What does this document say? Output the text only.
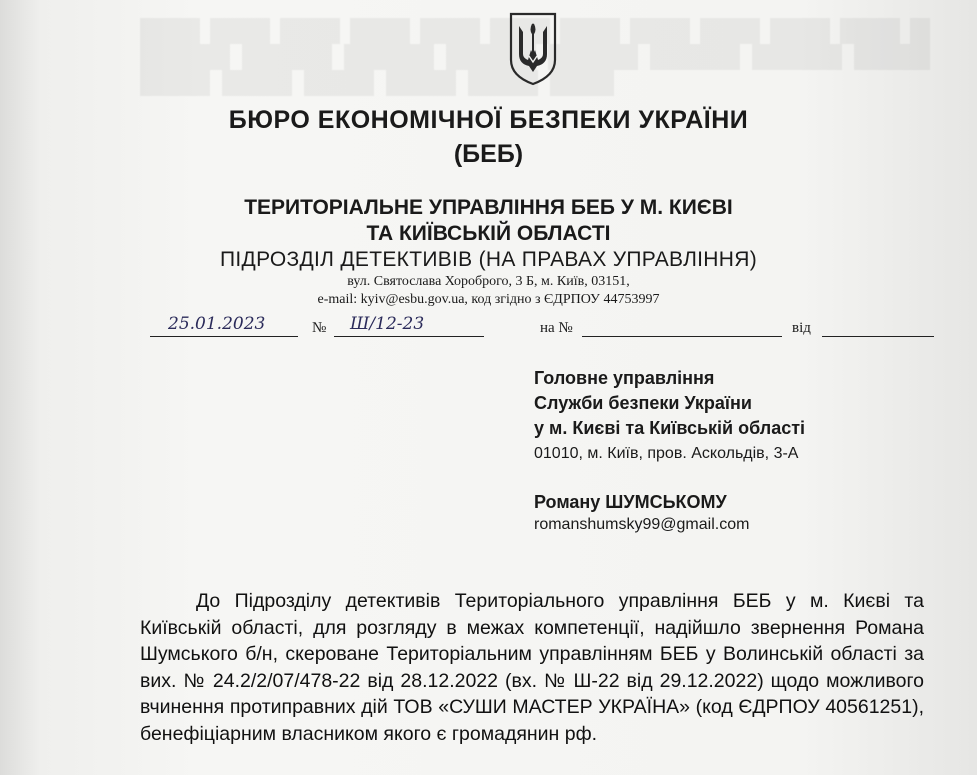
БЮРО ЕКОНОМІЧНОЇ БЕЗПЕКИ УКРАЇНИ
(БЕБ)
ТЕРИТОРІАЛЬНЕ УПРАВЛІННЯ БЕБ У М. КИЄВІ
ТА КИЇВСЬКІЙ ОБЛАСТІ
ПІДРОЗДІЛ ДЕТЕКТИВІВ (НА ПРАВАХ УПРАВЛІННЯ)
вул. Святослава Хороброго, 3 Б, м. Київ, 03151,
e-mail: kyiv@esbu.gov.ua, код згідно з ЄДРПОУ 44753997
25.01.2023	№ Ш/12-23	на №	від
Головне управління
Служби безпеки України
у м. Києві та Київській області
01010, м. Київ, пров. Аскольдів, 3-А
Роману ШУМСЬКОМУ
romanshumsky99@gmail.com
До Підрозділу детективів Територіального управління БЕБ у м. Києві та Київській області, для розгляду в межах компетенції, надійшло звернення Романа Шумського б/н, скероване Територіальним управлінням БЕБ у Волинській області за вих. № 24.2/2/07/478-22 від 28.12.2022 (вх. № Ш-22 від 29.12.2022) щодо можливого вчинення протиправних дій ТОВ «СУШИ МАСТЕР УКРАЇНА» (код ЄДРПОУ 40561251), бенефіціарним власником якого є громадянин рф.
